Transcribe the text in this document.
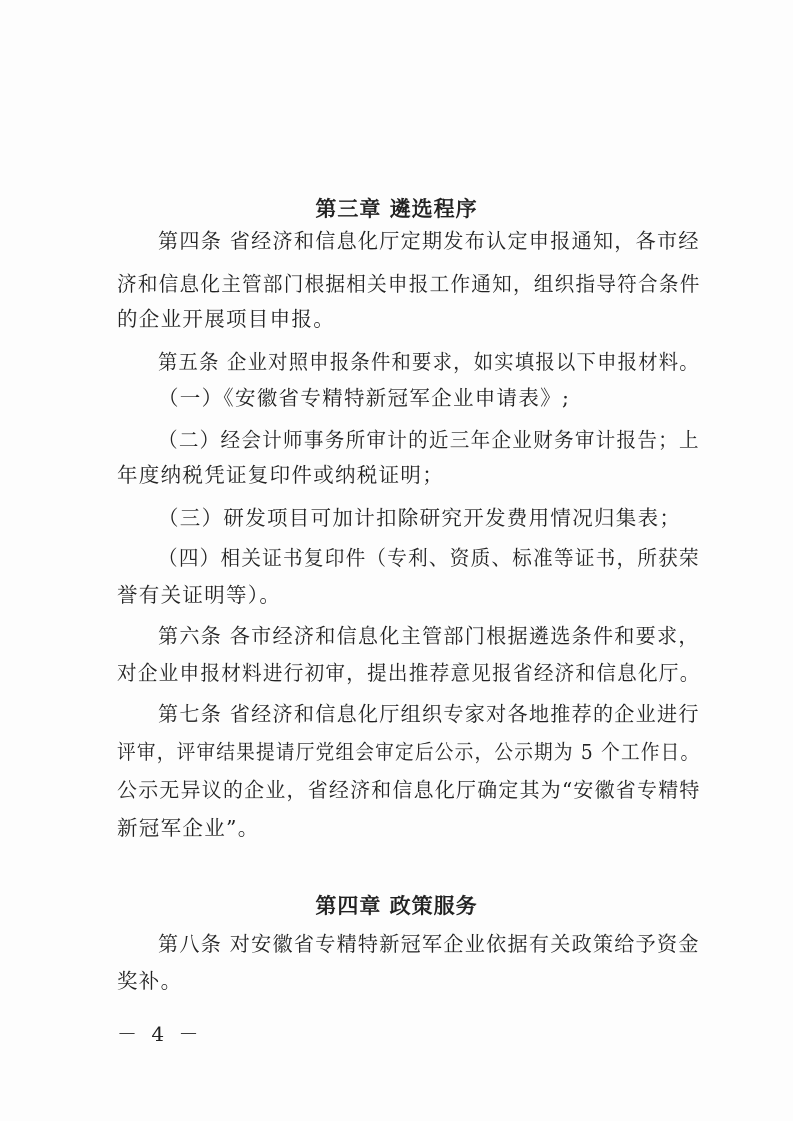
第三章 遴选程序
第四条 省经济和信息化厅定期发布认定申报通知，各市经
济和信息化主管部门根据相关申报工作通知，组织指导符合条件
的企业开展项目申报。
第五条 企业对照申报条件和要求，如实填报以下申报材料。
（一）《安徽省专精特新冠军企业申请表》;
（二）经会计师事务所审计的近三年企业财务审计报告；上
年度纳税凭证复印件或纳税证明；
（三）研发项目可加计扣除研究开发费用情况归集表；
（四）相关证书复印件（专利、资质、标准等证书，所获荣
誉有关证明等）。
第六条 各市经济和信息化主管部门根据遴选条件和要求，
对企业申报材料进行初审，提出推荐意见报省经济和信息化厅。
第七条 省经济和信息化厅组织专家对各地推荐的企业进行
评审，评审结果提请厅党组会审定后公示，公示期为 5 个工作日。
公示无异议的企业，省经济和信息化厅确定其为“安徽省专精特
新冠军企业”。
第四章 政策服务
第八条 对安徽省专精特新冠军企业依据有关政策给予资金
奖补。
－ 4 －
